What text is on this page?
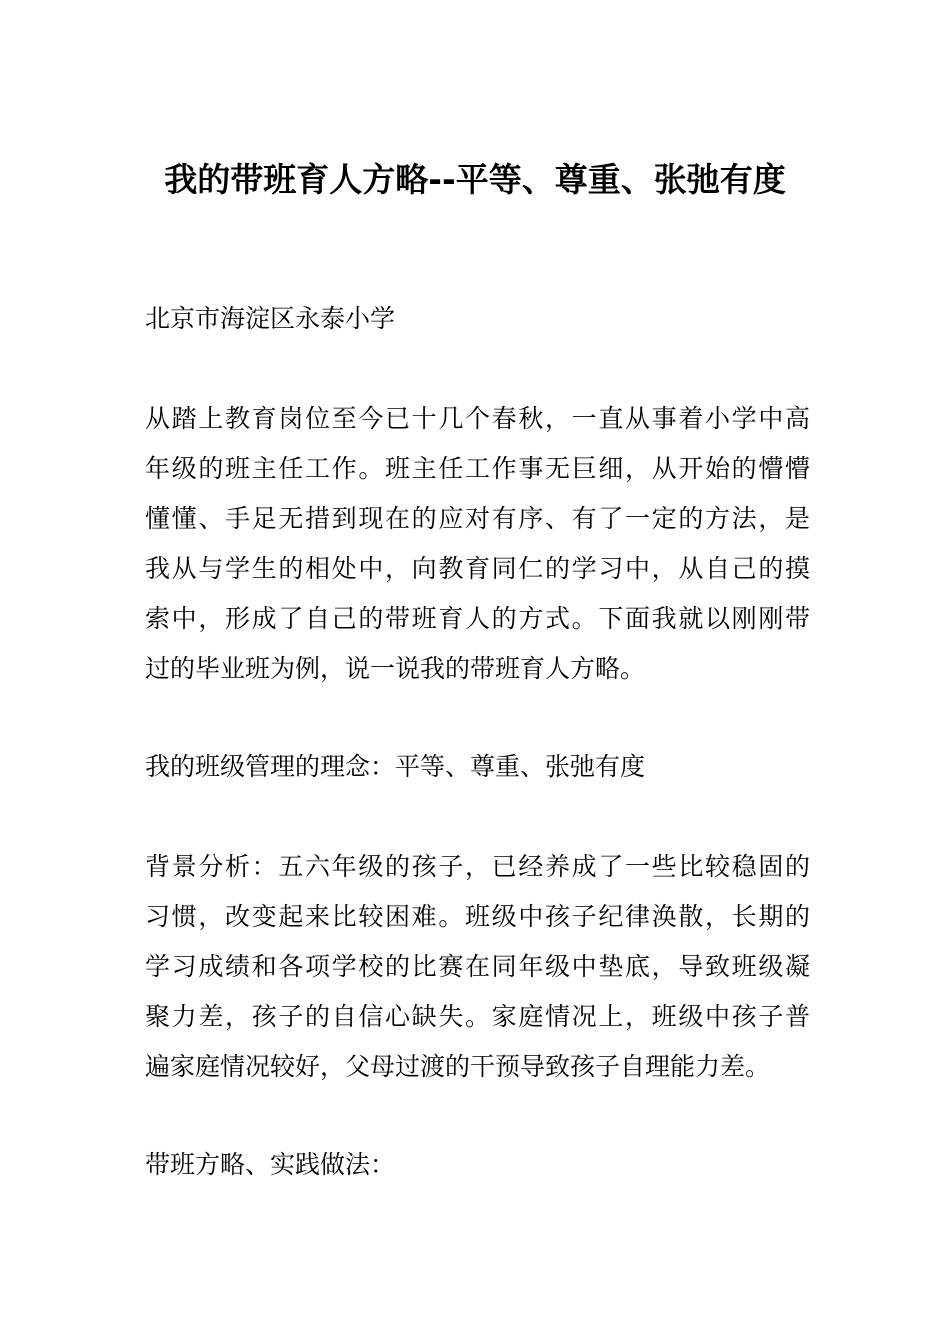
我的带班育人方略--平等、尊重、张弛有度

北京市海淀区永泰小学

从踏上教育岗位至今已十几个春秋，一直从事着小学中高
年级的班主任工作。班主任工作事无巨细，从开始的懵懵
懂懂、手足无措到现在的应对有序、有了一定的方法，是
我从与学生的相处中，向教育同仁的学习中，从自己的摸
索中，形成了自己的带班育人的方式。下面我就以刚刚带
过的毕业班为例，说一说我的带班育人方略。

我的班级管理的理念：平等、尊重、张弛有度

背景分析：五六年级的孩子，已经养成了一些比较稳固的
习惯，改变起来比较困难。班级中孩子纪律涣散，长期的
学习成绩和各项学校的比赛在同年级中垫底，导致班级凝
聚力差，孩子的自信心缺失。家庭情况上，班级中孩子普
遍家庭情况较好，父母过渡的干预导致孩子自理能力差。

带班方略、实践做法：
